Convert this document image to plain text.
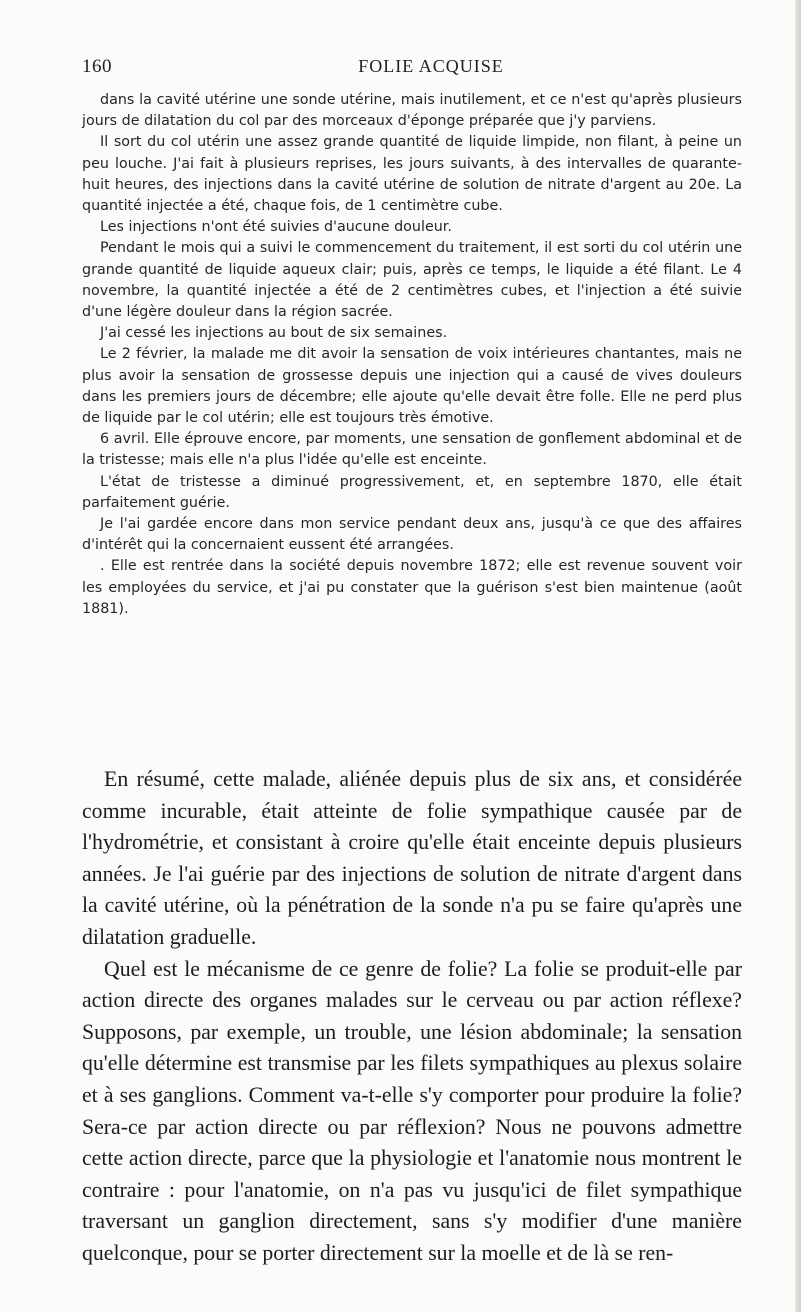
160	FOLIE ACQUISE

dans la cavité utérine une sonde utérine, mais inutilement, et ce n'est qu'après plusieurs jours de dilatation du col par des morceaux d'éponge préparée que j'y parviens.

Il sort du col utérin une assez grande quantité de liquide limpide, non filant, à peine un peu louche. J'ai fait à plusieurs reprises, les jours suivants, à des intervalles de quarante-huit heures, des injections dans la cavité utérine de solution de nitrate d'argent au 20e. La quantité injectée a été, chaque fois, de 1 centimètre cube.

Les injections n'ont été suivies d'aucune douleur.

Pendant le mois qui a suivi le commencement du traitement, il est sorti du col utérin une grande quantité de liquide aqueux clair; puis, après ce temps, le liquide a été filant. Le 4 novembre, la quantité injectée a été de 2 centimètres cubes, et l'injection a été suivie d'une légère douleur dans la région sacrée.

J'ai cessé les injections au bout de six semaines.

Le 2 février, la malade me dit avoir la sensation de voix intérieures chantantes, mais ne plus avoir la sensation de grossesse depuis une injection qui a causé de vives douleurs dans les premiers jours de décembre; elle ajoute qu'elle devait être folle. Elle ne perd plus de liquide par le col utérin; elle est toujours très émotive.

6 avril. Elle éprouve encore, par moments, une sensation de gonflement abdominal et de la tristesse; mais elle n'a plus l'idée qu'elle est enceinte.

L'état de tristesse a diminué progressivement, et, en septembre 1870, elle était parfaitement guérie.

Je l'ai gardée encore dans mon service pendant deux ans, jusqu'à ce que des affaires d'intérêt qui la concernaient eussent été arrangées.

. Elle est rentrée dans la société depuis novembre 1872; elle est revenue souvent voir les employées du service, et j'ai pu constater que la guérison s'est bien maintenue (août 1881).

En résumé, cette malade, aliénée depuis plus de six ans, et considérée comme incurable, était atteinte de folie sympathique causée par de l'hydrométrie, et consistant à croire qu'elle était enceinte depuis plusieurs années. Je l'ai guérie par des injections de solution de nitrate d'argent dans la cavité utérine, où la pénétration de la sonde n'a pu se faire qu'après une dilatation graduelle.

Quel est le mécanisme de ce genre de folie? La folie se produit-elle par action directe des organes malades sur le cerveau ou par action réflexe? Supposons, par exemple, un trouble, une lésion abdominale; la sensation qu'elle détermine est transmise par les filets sympathiques au plexus solaire et à ses ganglions. Comment va-t-elle s'y comporter pour produire la folie? Sera-ce par action directe ou par réflexion? Nous ne pouvons admettre cette action directe, parce que la physiologie et l'anatomie nous montrent le contraire : pour l'anatomie, on n'a pas vu jusqu'ici de filet sympathique traversant un ganglion directement, sans s'y modifier d'une manière quelconque, pour se porter directement sur la moelle et de là se ren-
